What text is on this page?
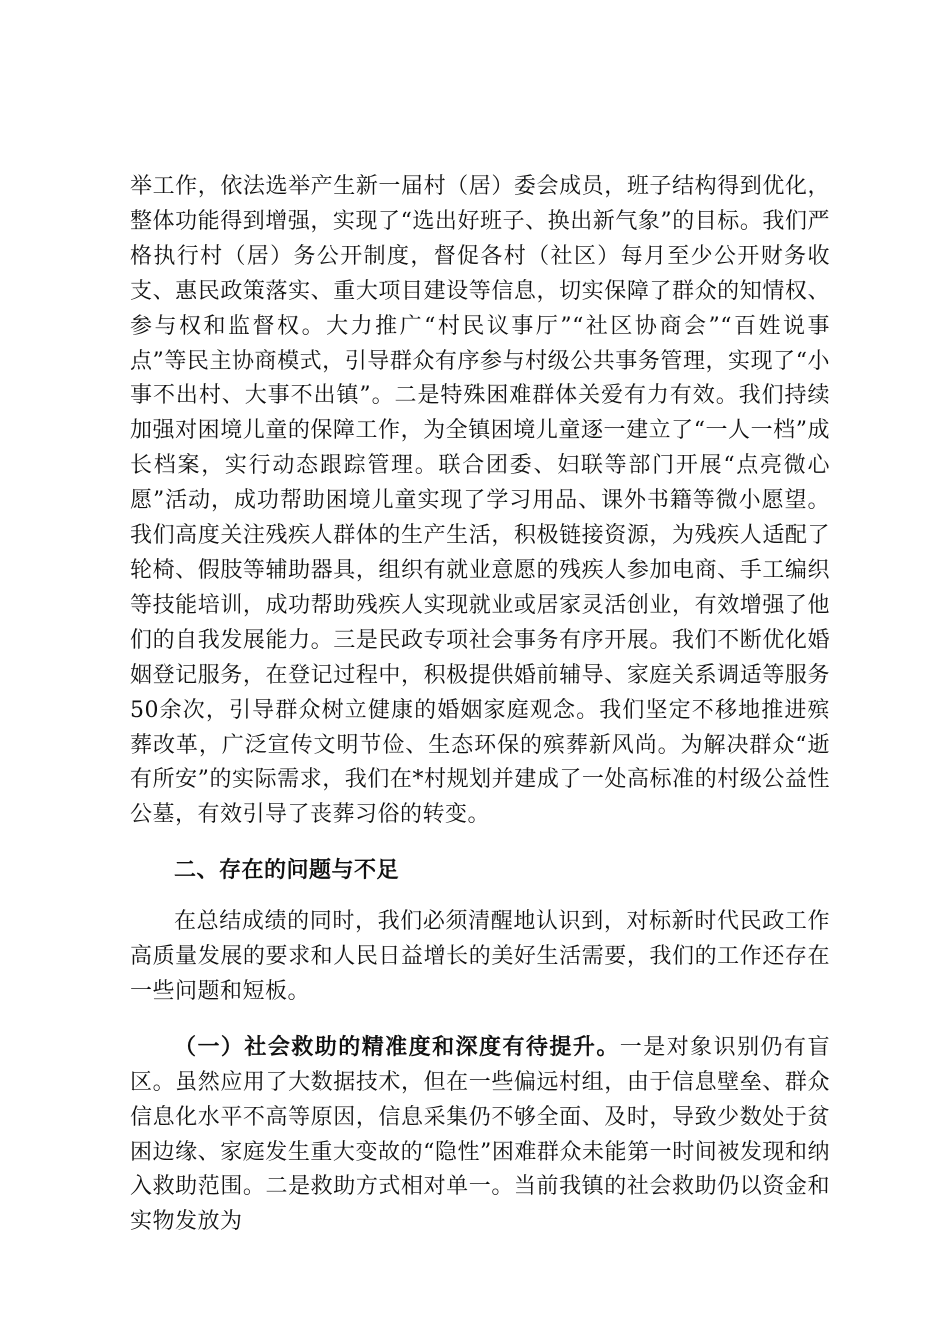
举工作，依法选举产生新一届村（居）委会成员，班子结构得到优化，整体功能得到增强，实现了“选出好班子、换出新气象”的目标。我们严格执行村（居）务公开制度，督促各村（社区）每月至少公开财务收支、惠民政策落实、重大项目建设等信息，切实保障了群众的知情权、参与权和监督权。大力推广“村民议事厅”“社区协商会”“百姓说事点”等民主协商模式，引导群众有序参与村级公共事务管理，实现了“小事不出村、大事不出镇”。二是特殊困难群体关爱有力有效。我们持续加强对困境儿童的保障工作，为全镇困境儿童逐一建立了“一人一档”成长档案，实行动态跟踪管理。联合团委、妇联等部门开展“点亮微心愿”活动，成功帮助困境儿童实现了学习用品、课外书籍等微小愿望。我们高度关注残疾人群体的生产生活，积极链接资源，为残疾人适配了轮椅、假肢等辅助器具，组织有就业意愿的残疾人参加电商、手工编织等技能培训，成功帮助残疾人实现就业或居家灵活创业，有效增强了他们的自我发展能力。三是民政专项社会事务有序开展。我们不断优化婚姻登记服务，在登记过程中，积极提供婚前辅导、家庭关系调适等服务50余次，引导群众树立健康的婚姻家庭观念。我们坚定不移地推进殡葬改革，广泛宣传文明节俭、生态环保的殡葬新风尚。为解决群众“逝有所安”的实际需求，我们在*村规划并建成了一处高标准的村级公益性公墓，有效引导了丧葬习俗的转变。

二、存在的问题与不足

在总结成绩的同时，我们必须清醒地认识到，对标新时代民政工作高质量发展的要求和人民日益增长的美好生活需要，我们的工作还存在一些问题和短板。

（一）社会救助的精准度和深度有待提升。一是对象识别仍有盲区。虽然应用了大数据技术，但在一些偏远村组，由于信息壁垒、群众信息化水平不高等原因，信息采集仍不够全面、及时，导致少数处于贫困边缘、家庭发生重大变故的“隐性”困难群众未能第一时间被发现和纳入救助范围。二是救助方式相对单一。当前我镇的社会救助仍以资金和实物发放为
